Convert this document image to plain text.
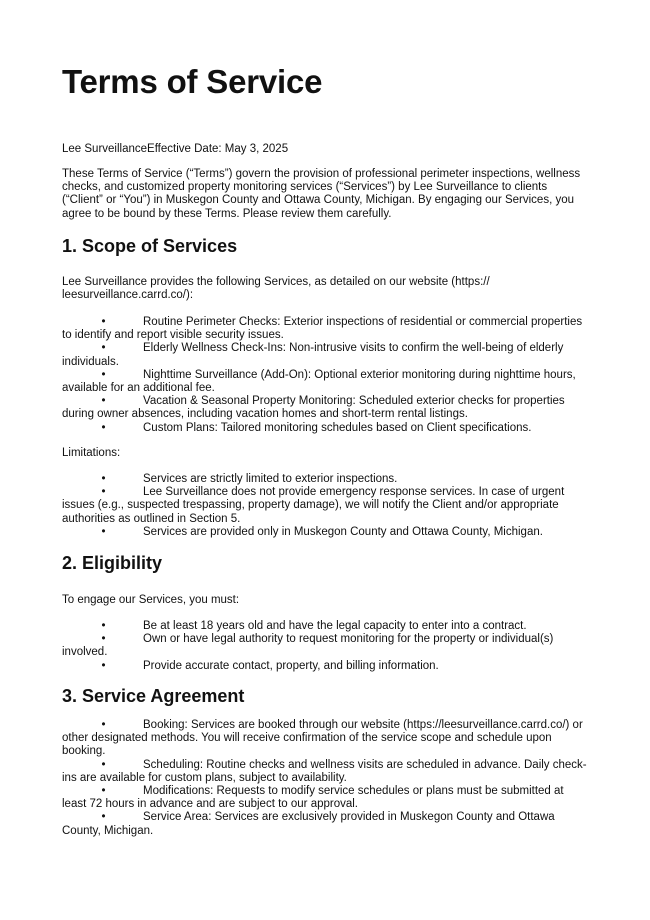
Terms of Service
Lee SurveillanceEffective Date: May 3, 2025

These Terms of Service (“Terms”) govern the provision of professional perimeter inspections, wellness checks, and customized property monitoring services (“Services”) by Lee Surveillance to clients (“Client” or “You”) in Muskegon County and Ottawa County, Michigan. By engaging our Services, you agree to be bound by these Terms. Please review them carefully.

1. Scope of Services

Lee Surveillance provides the following Services, as detailed on our website (https:// leesurveillance.carrd.co/):

•	Routine Perimeter Checks: Exterior inspections of residential or commercial properties to identify and report visible security issues.
•	Elderly Wellness Check-Ins: Non-intrusive visits to confirm the well-being of elderly individuals.
•	Nighttime Surveillance (Add-On): Optional exterior monitoring during nighttime hours, available for an additional fee.
•	Vacation & Seasonal Property Monitoring: Scheduled exterior checks for properties during owner absences, including vacation homes and short-term rental listings.
•	Custom Plans: Tailored monitoring schedules based on Client specifications.

Limitations:

•	Services are strictly limited to exterior inspections.
•	Lee Surveillance does not provide emergency response services. In case of urgent issues (e.g., suspected trespassing, property damage), we will notify the Client and/or appropriate authorities as outlined in Section 5.
•	Services are provided only in Muskegon County and Ottawa County, Michigan.
2. Eligibility

To engage our Services, you must:

•	Be at least 18 years old and have the legal capacity to enter into a contract.
•	Own or have legal authority to request monitoring for the property or individual(s) involved.
•	Provide accurate contact, property, and billing information.
3. Service Agreement
•	Booking: Services are booked through our website (https://leesurveillance.carrd.co/) or other designated methods. You will receive confirmation of the service scope and schedule upon booking.
•	Scheduling: Routine checks and wellness visits are scheduled in advance. Daily check-ins are available for custom plans, subject to availability.
•	Modifications: Requests to modify service schedules or plans must be submitted at least 72 hours in advance and are subject to our approval.
•	Service Area: Services are exclusively provided in Muskegon County and Ottawa County, Michigan.
